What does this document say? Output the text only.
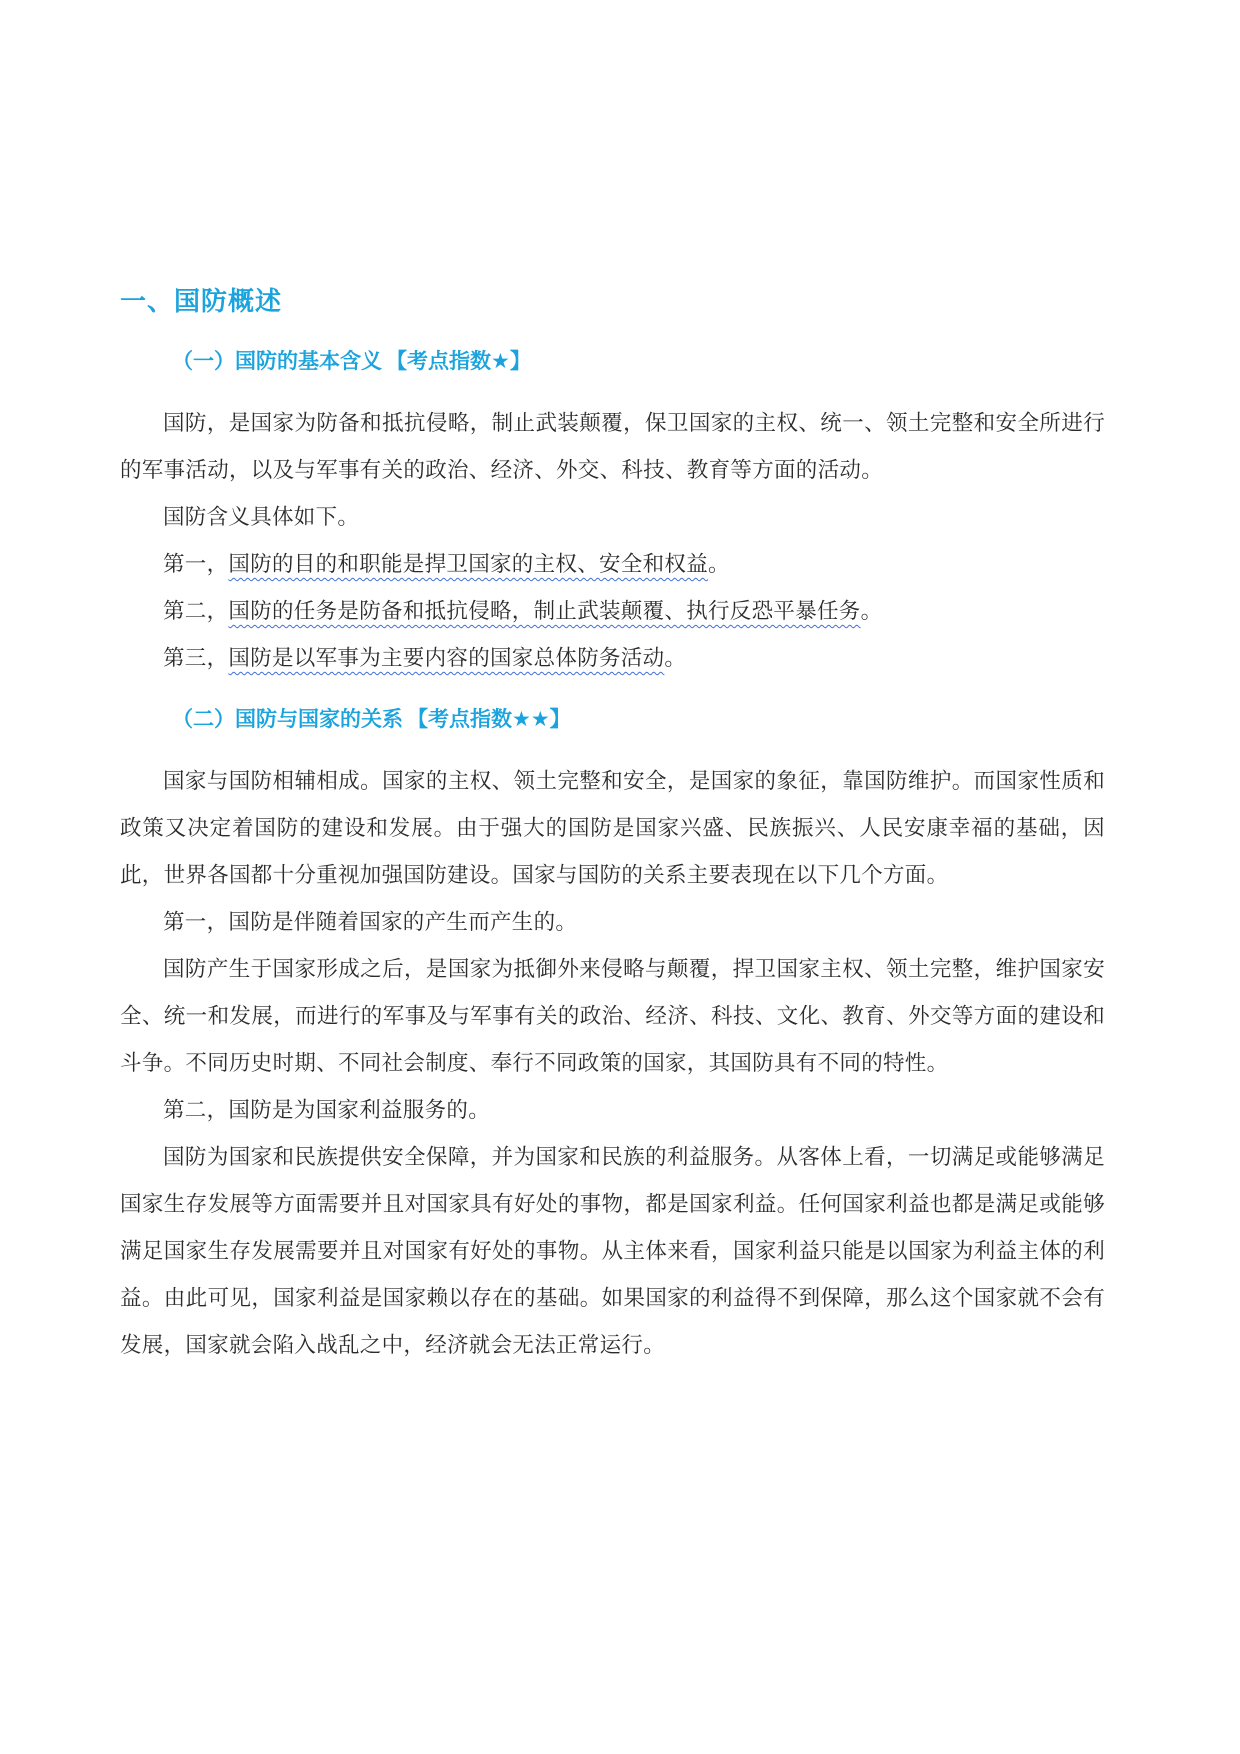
一、国防概述
（一）国防的基本含义 【考点指数★】

国防，是国家为防备和抵抗侵略，制止武装颠覆，保卫国家的主权、统一、领土完整和安全所进行的军事活动，以及与军事有关的政治、经济、外交、科技、教育等方面的活动。

国防含义具体如下。

第一，国防的目的和职能是捍卫国家的主权、安全和权益。

第二，国防的任务是防备和抵抗侵略，制止武装颠覆、执行反恐平暴任务。

第三，国防是以军事为主要内容的国家总体防务活动。

（二）国防与国家的关系 【考点指数★★】

国家与国防相辅相成。国家的主权、领土完整和安全，是国家的象征，靠国防维护。而国家性质和政策又决定着国防的建设和发展。由于强大的国防是国家兴盛、民族振兴、人民安康幸福的基础，因此，世界各国都十分重视加强国防建设。国家与国防的关系主要表现在以下几个方面。

第一，国防是伴随着国家的产生而产生的。

国防产生于国家形成之后，是国家为抵御外来侵略与颠覆，捍卫国家主权、领土完整，维护国家安全、统一和发展，而进行的军事及与军事有关的政治、经济、科技、文化、教育、外交等方面的建设和斗争。不同历史时期、不同社会制度、奉行不同政策的国家，其国防具有不同的特性。

第二，国防是为国家利益服务的。

国防为国家和民族提供安全保障，并为国家和民族的利益服务。从客体上看，一切满足或能够满足国家生存发展等方面需要并且对国家具有好处的事物，都是国家利益。任何国家利益也都是满足或能够满足国家生存发展需要并且对国家有好处的事物。从主体来看，国家利益只能是以国家为利益主体的利益。由此可见，国家利益是国家赖以存在的基础。如果国家的利益得不到保障，那么这个国家就不会有发展，国家就会陷入战乱之中，经济就会无法正常运行。
